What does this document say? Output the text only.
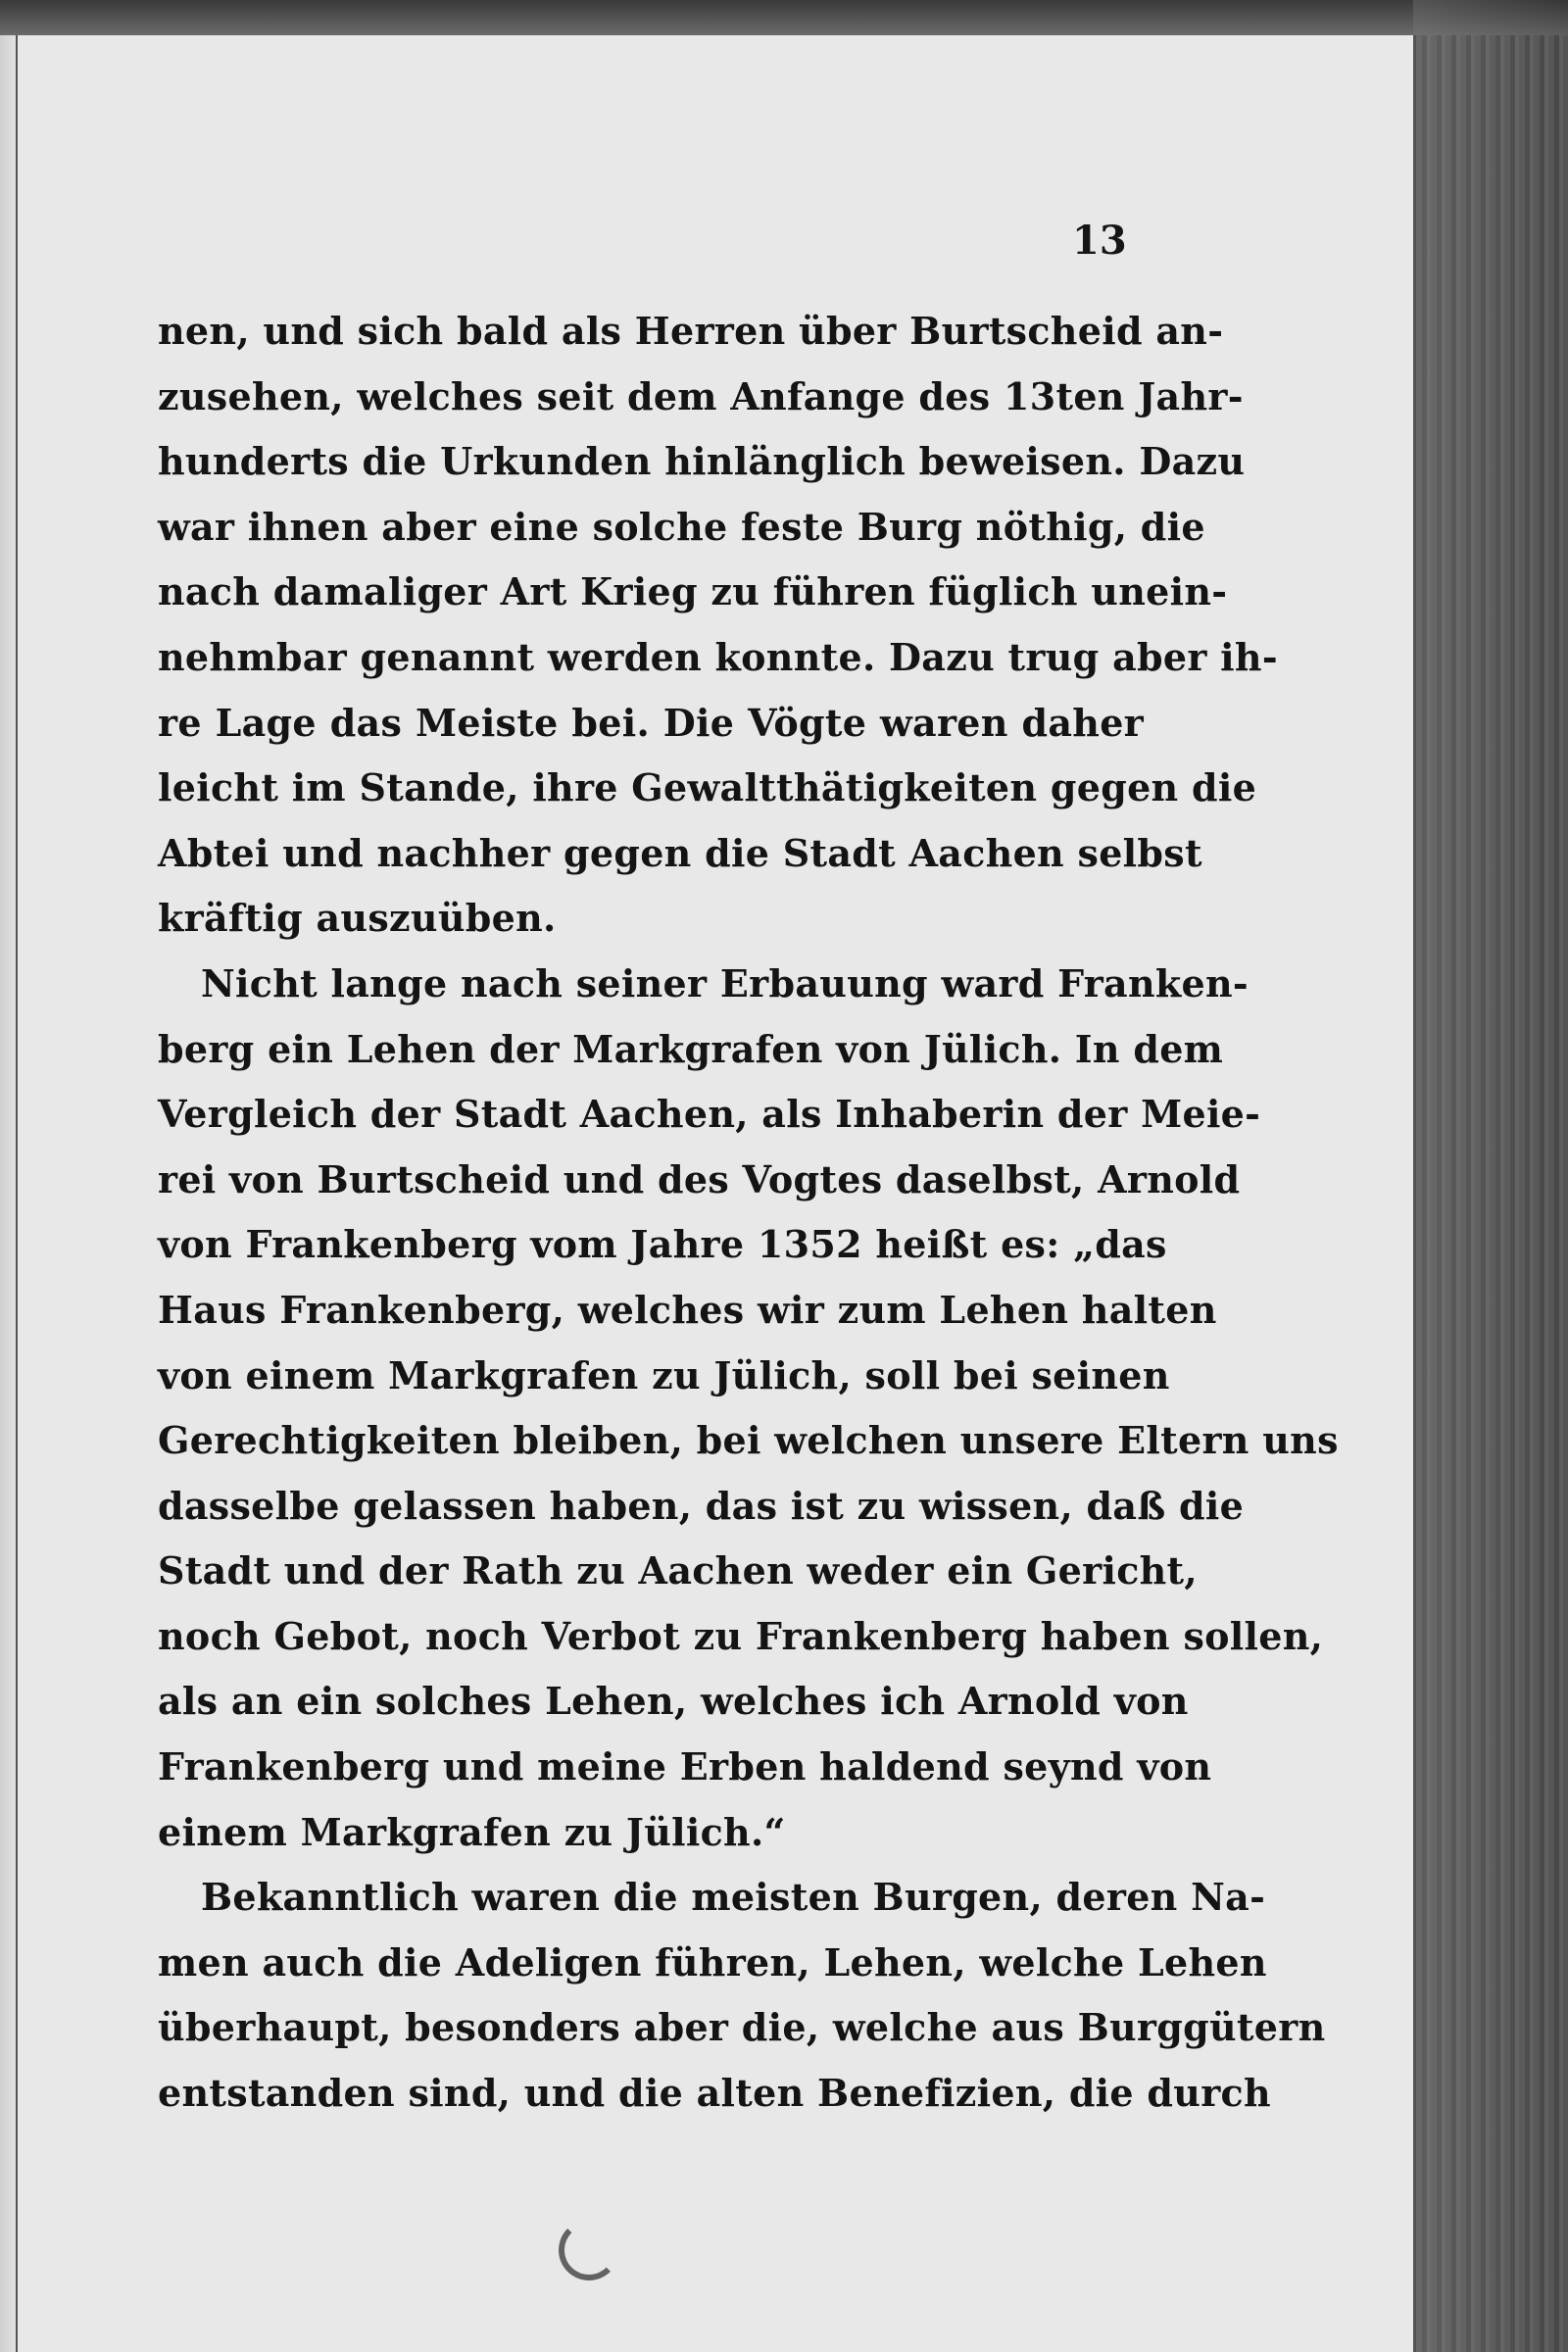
13
nen, und sich bald als Herren über Burtscheid an-
zusehen, welches seit dem Anfange des 13ten Jahr-
hunderts die Urkunden hinlänglich beweisen. Dazu
war ihnen aber eine solche feste Burg nöthig, die
nach damaliger Art Krieg zu führen füglich unein-
nehmbar genannt werden konnte. Dazu trug aber ih-
re Lage das Meiste bei. Die Vögte waren daher
leicht im Stande, ihre Gewaltthätigkeiten gegen die
Abtei und nachher gegen die Stadt Aachen selbst
kräftig auszuüben.
Nicht lange nach seiner Erbauung ward Franken-
berg ein Lehen der Markgrafen von Jülich. In dem
Vergleich der Stadt Aachen, als Inhaberin der Meie-
rei von Burtscheid und des Vogtes daselbst, Arnold
von Frankenberg vom Jahre 1352 heißt es: „das
Haus Frankenberg, welches wir zum Lehen halten
von einem Markgrafen zu Jülich, soll bei seinen
Gerechtigkeiten bleiben, bei welchen unsere Eltern uns
dasselbe gelassen haben, das ist zu wissen, daß die
Stadt und der Rath zu Aachen weder ein Gericht,
noch Gebot, noch Verbot zu Frankenberg haben sollen,
als an ein solches Lehen, welches ich Arnold von
Frankenberg und meine Erben haldend seynd von
einem Markgrafen zu Jülich.“
Bekanntlich waren die meisten Burgen, deren Na-
men auch die Adeligen führen, Lehen, welche Lehen
überhaupt, besonders aber die, welche aus Burggütern
entstanden sind, und die alten Benefizien, die durch
